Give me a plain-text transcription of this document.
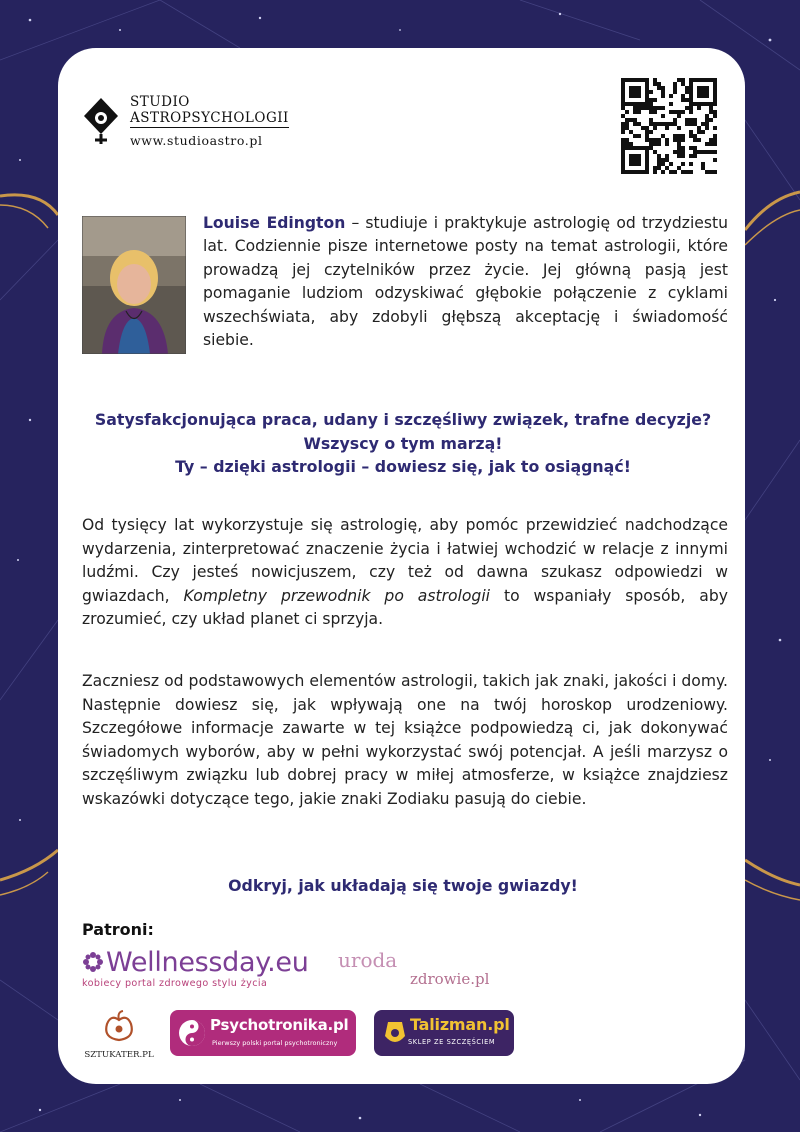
STUDIO
ASTROPSYCHOLOGII
www.studioastro.pl
Louise Edington – studiuje i praktykuje astrologię od trzydziestu lat. Codziennie pisze internetowe posty na temat astrologii, które prowadzą jej czytelników przez życie. Jej główną pasją jest pomaganie ludziom odzyskiwać głębokie połączenie z cyklami wszechświata, aby zdobyli głębszą akceptację i świadomość siebie.
Satysfakcjonująca praca, udany i szczęśliwy związek, trafne decyzje?
Wszyscy o tym marzą!
Ty – dzięki astrologii – dowiesz się, jak to osiągnąć!
Od tysięcy lat wykorzystuje się astrologię, aby pomóc przewidzieć nadchodzące wydarzenia, zinterpretować znaczenie życia i łatwiej wchodzić w relacje z innymi ludźmi. Czy jesteś nowicjuszem, czy też od dawna szukasz odpowiedzi w gwiazdach, Kompletny przewodnik po astrologii to wspaniały sposób, aby zrozumieć, czy układ planet ci sprzyja.
Zaczniesz od podstawowych elementów astrologii, takich jak znaki, jakości i domy. Następnie dowiesz się, jak wpływają one na twój horoskop urodzeniowy. Szczegółowe informacje zawarte w tej książce podpowiedzą ci, jak dokonywać świadomych wyborów, aby w pełni wykorzystać swój potencjał. A jeśli marzysz o szczęśliwym związku lub dobrej pracy w miłej atmosferze, w książce znajdziesz wskazówki dotyczące tego, jakie znaki Zodiaku pasują do ciebie.
Odkryj, jak układają się twoje gwiazdy!
Patroni:
Wellnessday.eu
kobiecy portal zdrowego stylu życia
uroda
zdrowie.pl
SZTUKATER.PL
Psychotronika.pl
Pierwszy polski portal psychotroniczny
Talizman.pl
SKLEP ZE SZCZĘŚCIEM
